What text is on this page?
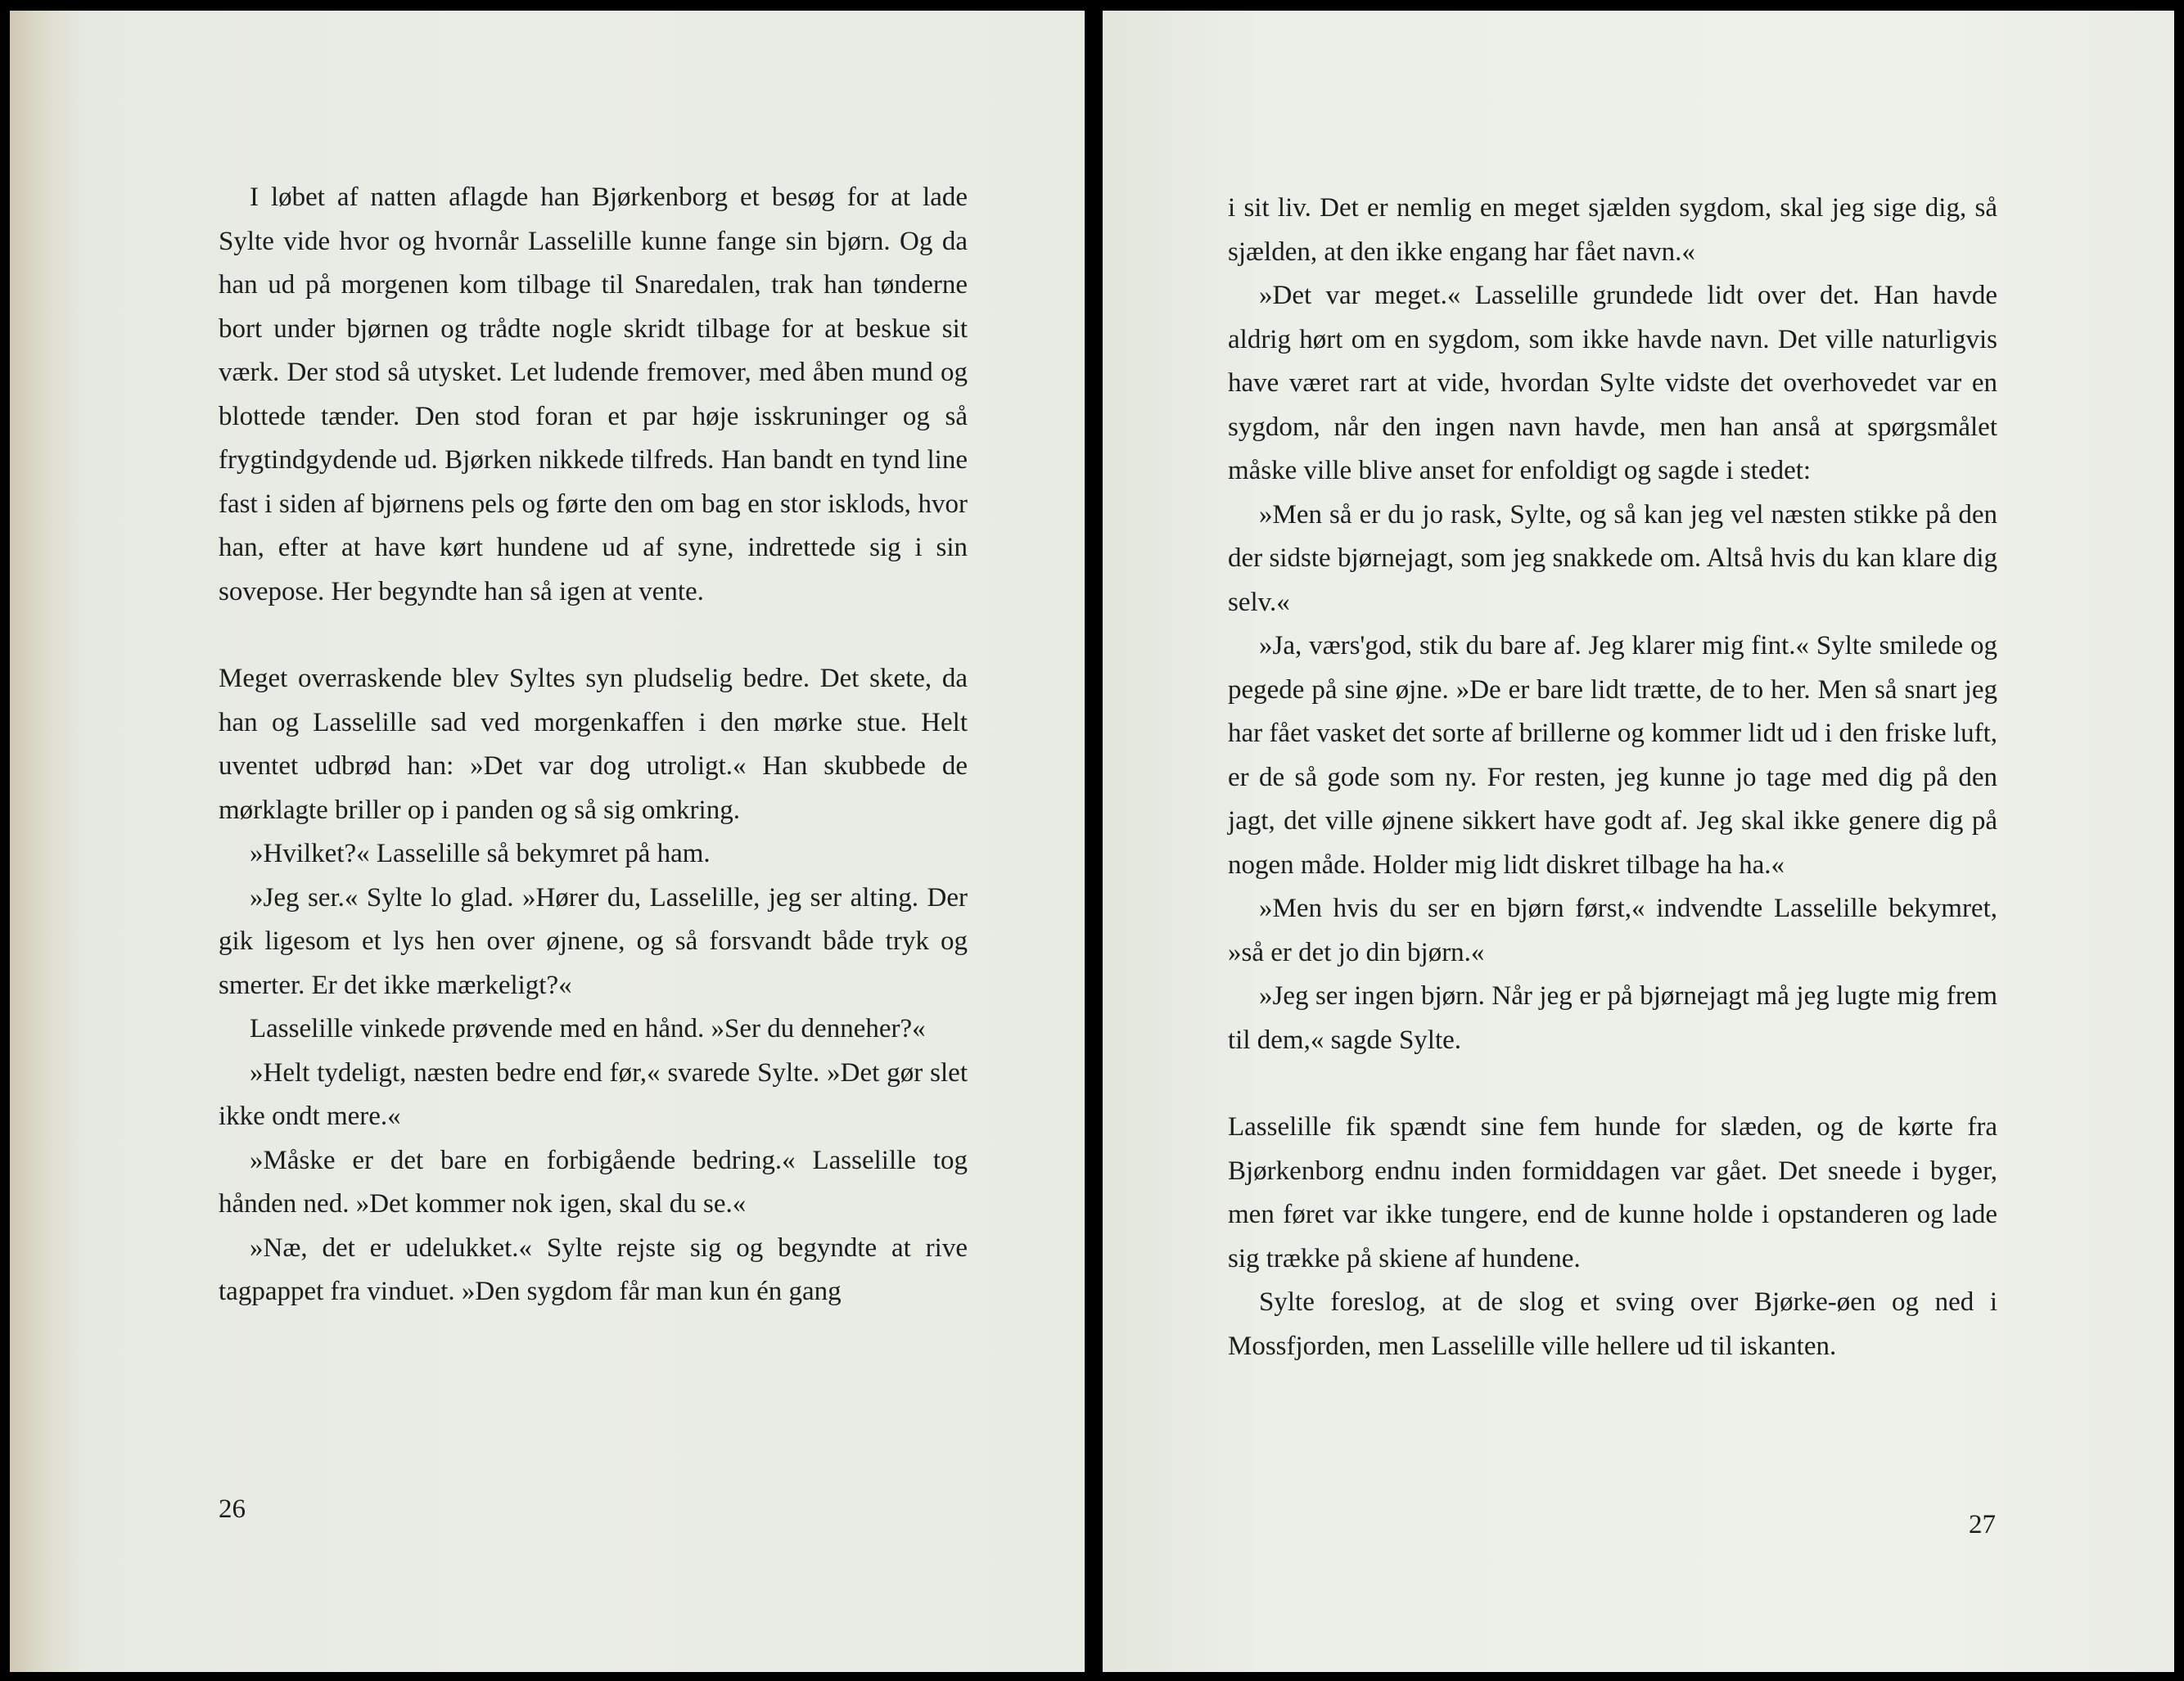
I løbet af natten aflagde han Bjørkenborg et besøg for at lade Sylte vide hvor og hvornår Lasselille kunne fange sin bjørn. Og da han ud på morgenen kom tilbage til Snaredalen, trak han tønderne bort under bjørnen og trådte nogle skridt tilbage for at beskue sit værk. Der stod så utysket. Let ludende fremover, med åben mund og blottede tænder. Den stod foran et par høje isskruninger og så frygtindgydende ud. Bjørken nikkede tilfreds. Han bandt en tynd line fast i siden af bjørnens pels og førte den om bag en stor isklods, hvor han, efter at have kørt hundene ud af syne, indrettede sig i sin sovepose. Her begyndte han så igen at vente.

Meget overraskende blev Syltes syn pludselig bedre. Det skete, da han og Lasselille sad ved morgenkaffen i den mørke stue. Helt uventet udbrød han: »Det var dog utroligt.« Han skubbede de mørklagte briller op i panden og så sig omkring.

»Hvilket?« Lasselille så bekymret på ham.

»Jeg ser.« Sylte lo glad. »Hører du, Lasselille, jeg ser alting. Der gik ligesom et lys hen over øjnene, og så forsvandt både tryk og smerter. Er det ikke mærkeligt?«

Lasselille vinkede prøvende med en hånd. »Ser du denneher?«

»Helt tydeligt, næsten bedre end før,« svarede Sylte. »Det gør slet ikke ondt mere.«

»Måske er det bare en forbigående bedring.« Lasselille tog hånden ned. »Det kommer nok igen, skal du se.«

»Næ, det er udelukket.« Sylte rejste sig og begyndte at rive tagpappet fra vinduet. »Den sygdom får man kun én gang

26

i sit liv. Det er nemlig en meget sjælden sygdom, skal jeg sige dig, så sjælden, at den ikke engang har fået navn.«

»Det var meget.« Lasselille grundede lidt over det. Han havde aldrig hørt om en sygdom, som ikke havde navn. Det ville naturligvis have været rart at vide, hvordan Sylte vidste det overhovedet var en sygdom, når den ingen navn havde, men han anså at spørgsmålet måske ville blive anset for enfoldigt og sagde i stedet:

»Men så er du jo rask, Sylte, og så kan jeg vel næsten stikke på den der sidste bjørnejagt, som jeg snakkede om. Altså hvis du kan klare dig selv.«

»Ja, værs'god, stik du bare af. Jeg klarer mig fint.« Sylte smilede og pegede på sine øjne. »De er bare lidt trætte, de to her. Men så snart jeg har fået vasket det sorte af brillerne og kommer lidt ud i den friske luft, er de så gode som ny. For resten, jeg kunne jo tage med dig på den jagt, det ville øjnene sikkert have godt af. Jeg skal ikke genere dig på nogen måde. Holder mig lidt diskret tilbage ha ha.«

»Men hvis du ser en bjørn først,« indvendte Lasselille bekymret, »så er det jo din bjørn.«

»Jeg ser ingen bjørn. Når jeg er på bjørnejagt må jeg lugte mig frem til dem,« sagde Sylte.

Lasselille fik spændt sine fem hunde for slæden, og de kørte fra Bjørkenborg endnu inden formiddagen var gået. Det sneede i byger, men føret var ikke tungere, end de kunne holde i opstanderen og lade sig trække på skiene af hundene.

Sylte foreslog, at de slog et sving over Bjørke-øen og ned i Mossfjorden, men Lasselille ville hellere ud til iskanten.

27
